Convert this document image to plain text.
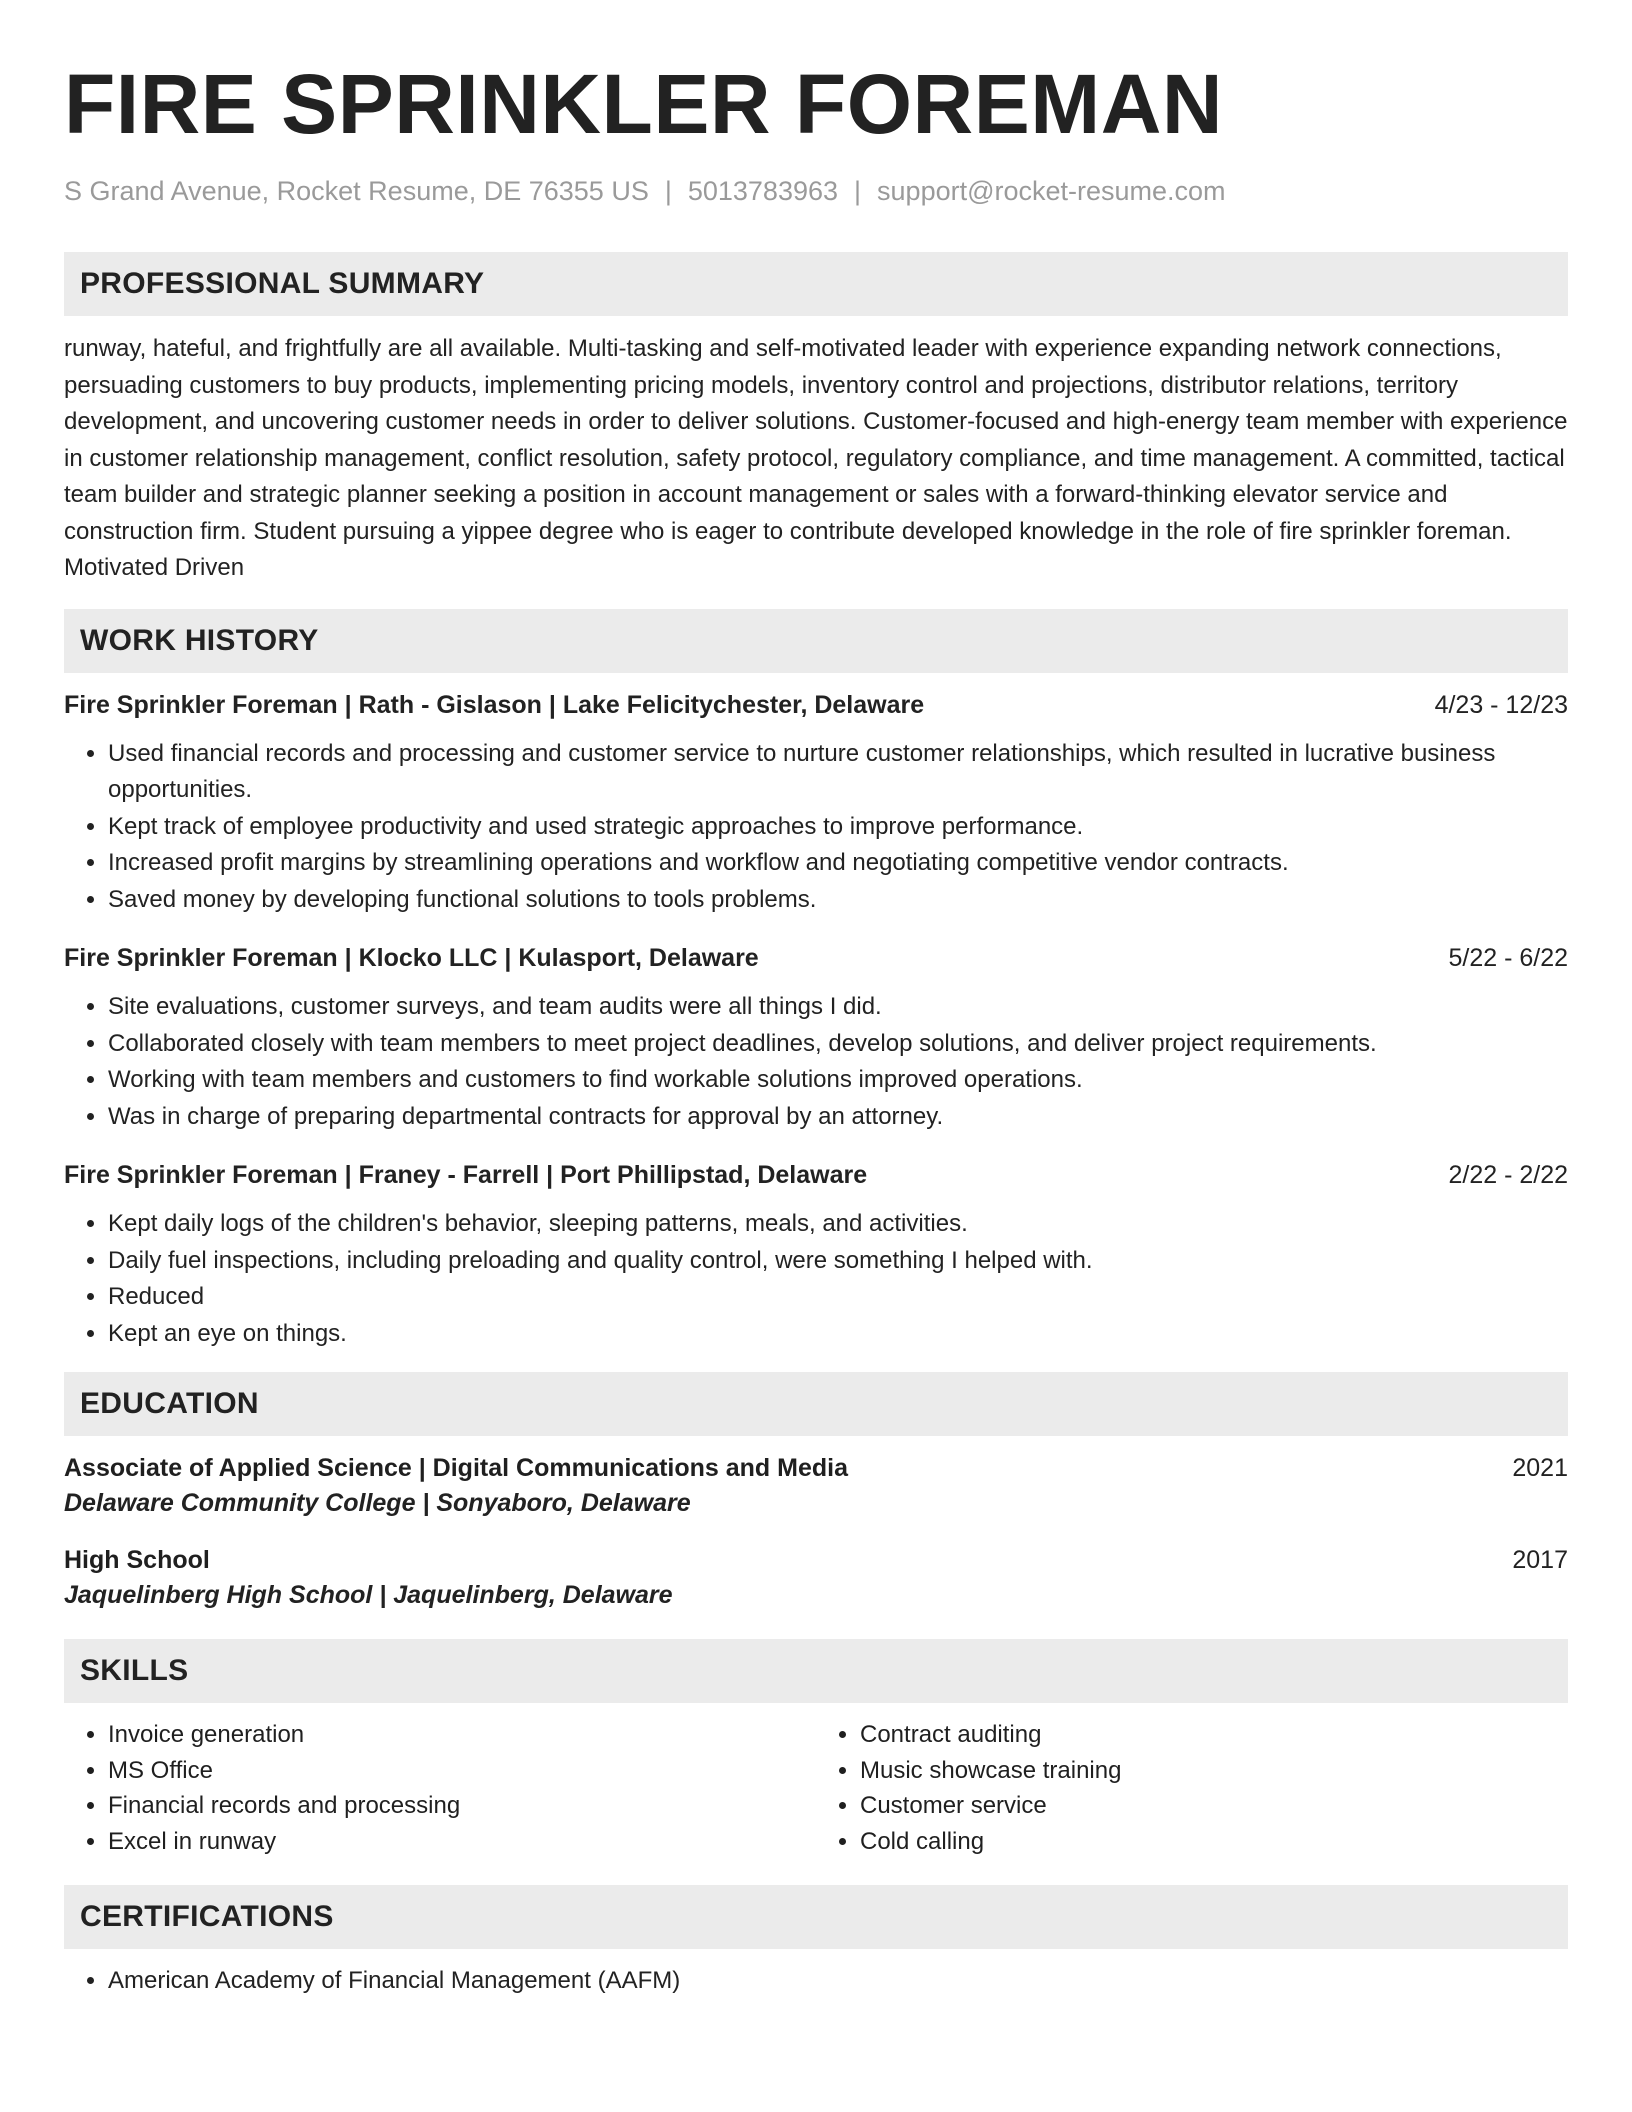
FIRE SPRINKLER FOREMAN
S Grand Avenue, Rocket Resume, DE 76355 US | 5013783963 | support@rocket-resume.com
PROFESSIONAL SUMMARY

runway, hateful, and frightfully are all available. Multi-tasking and self-motivated leader with experience expanding network connections, persuading customers to buy products, implementing pricing models, inventory control and projections, distributor relations, territory development, and uncovering customer needs in order to deliver solutions. Customer-focused and high-energy team member with experience in customer relationship management, conflict resolution, safety protocol, regulatory compliance, and time management. A committed, tactical team builder and strategic planner seeking a position in account management or sales with a forward-thinking elevator service and construction firm. Student pursuing a yippee degree who is eager to contribute developed knowledge in the role of fire sprinkler foreman. Motivated Driven

WORK HISTORY
Fire Sprinkler Foreman | Rath - Gislason | Lake Felicitychester, Delaware	4/23 - 12/23
• Used financial records and processing and customer service to nurture customer relationships, which resulted in lucrative business opportunities.
• Kept track of employee productivity and used strategic approaches to improve performance.
• Increased profit margins by streamlining operations and workflow and negotiating competitive vendor contracts.
• Saved money by developing functional solutions to tools problems.
Fire Sprinkler Foreman | Klocko LLC | Kulasport, Delaware	5/22 - 6/22
• Site evaluations, customer surveys, and team audits were all things I did.
• Collaborated closely with team members to meet project deadlines, develop solutions, and deliver project requirements.
• Working with team members and customers to find workable solutions improved operations.
• Was in charge of preparing departmental contracts for approval by an attorney.
Fire Sprinkler Foreman | Franey - Farrell | Port Phillipstad, Delaware	2/22 - 2/22
• Kept daily logs of the children's behavior, sleeping patterns, meals, and activities.
• Daily fuel inspections, including preloading and quality control, were something I helped with.
• Reduced
• Kept an eye on things.
EDUCATION
Associate of Applied Science | Digital Communications and Media	2021
Delaware Community College | Sonyaboro, Delaware
High School	2017
Jaquelinberg High School | Jaquelinberg, Delaware
SKILLS
• Invoice generation
• MS Office
• Financial records and processing
• Excel in runway
• Contract auditing
• Music showcase training
• Customer service
• Cold calling
CERTIFICATIONS
• American Academy of Financial Management (AAFM)
